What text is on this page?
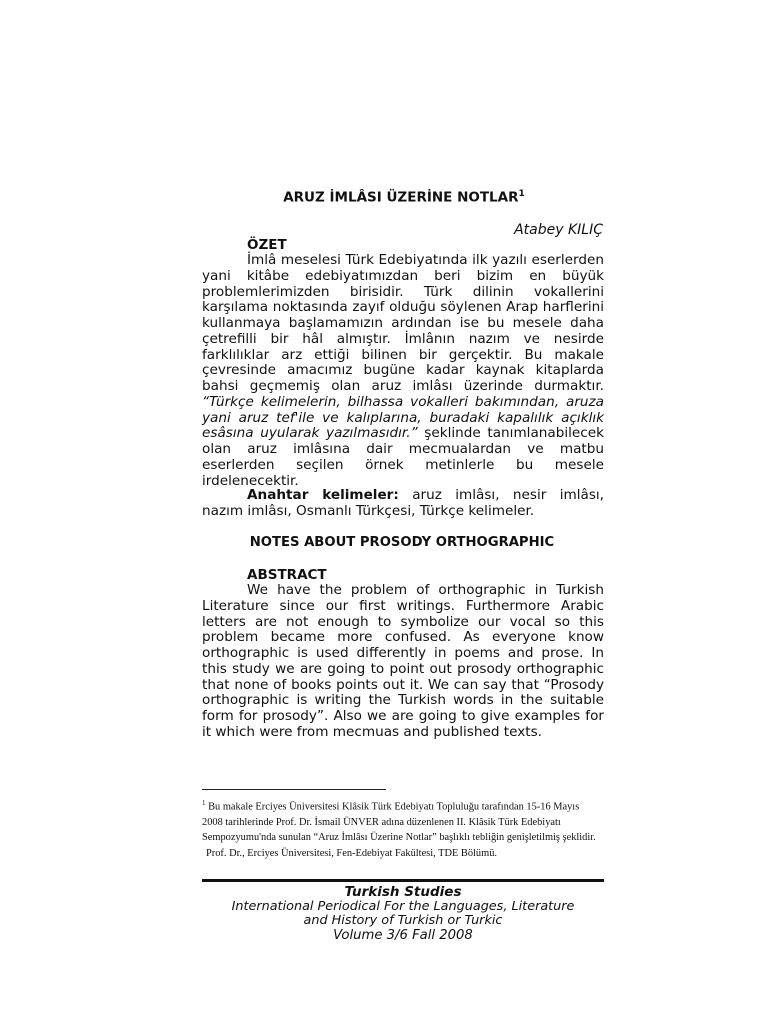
ARUZ İMLÂSI ÜZERİNE NOTLAR$^1$
Atabey KILIÇ
ÖZET
İmlâ meselesi Türk Edebiyatında ilk yazılı eserlerden yani kitâbe edebiyatımızdan beri bizim en büyük problemlerimizden birisidir. Türk dilinin vokallerini karşılama noktasında zayıf olduğu söylenen Arap harflerini kullanmaya başlamamızın ardından ise bu mesele daha çetrefilli bir hâl almıştır. İmlânın nazım ve nesirde farklılıklar arz ettiği bilinen bir gerçektir. Bu makale çevresinde amacımız bugüne kadar kaynak kitaplarda bahsi geçmemiş olan aruz imlâsı üzerinde durmaktır. “Türkçe kelimelerin, bilhassa vokalleri bakımından, aruza yani aruz tef'ile ve kalıplarına, buradaki kapalılık açıklık esâsına uyularak yazılmasıdır.” şeklinde tanımlanabilecek olan aruz imlâsına dair mecmualardan ve matbu eserlerden seçilen örnek metinlerle bu mesele irdelenecektir.
Anahtar kelimeler: aruz imlâsı, nesir imlâsı, nazım imlâsı, Osmanlı Türkçesi, Türkçe kelimeler.
NOTES ABOUT PROSODY ORTHOGRAPHIC
ABSTRACT
We have the problem of orthographic in Turkish Literature since our first writings. Furthermore Arabic letters are not enough to symbolize our vocal so this problem became more confused. As everyone know orthographic is used differently in poems and prose. In this study we are going to point out prosody orthographic that none of books points out it. We can say that “Prosody orthographic is writing the Turkish words in the suitable form for prosody”. Also we are going to give examples for it which were from mecmuas and published texts.
$^1$ Bu makale Erciyes Üniversitesi Klâsik Türk Edebiyatı Topluluğu tarafından 15-16 Mayıs 2008 tarihlerinde Prof. Dr. İsmail ÜNVER adına düzenlenen II. Klâsik Türk Edebiyatı Sempozyumu'nda sunulan “Aruz İmlâsı Üzerine Notlar” başlıklı tebliğin genişletilmiş şeklidir.
Prof. Dr., Erciyes Üniversitesi, Fen-Edebiyat Fakültesi, TDE Bölümü.
Turkish Studies
International Periodical For the Languages, Literature
and History of Turkish or Turkic
Volume 3/6 Fall 2008
